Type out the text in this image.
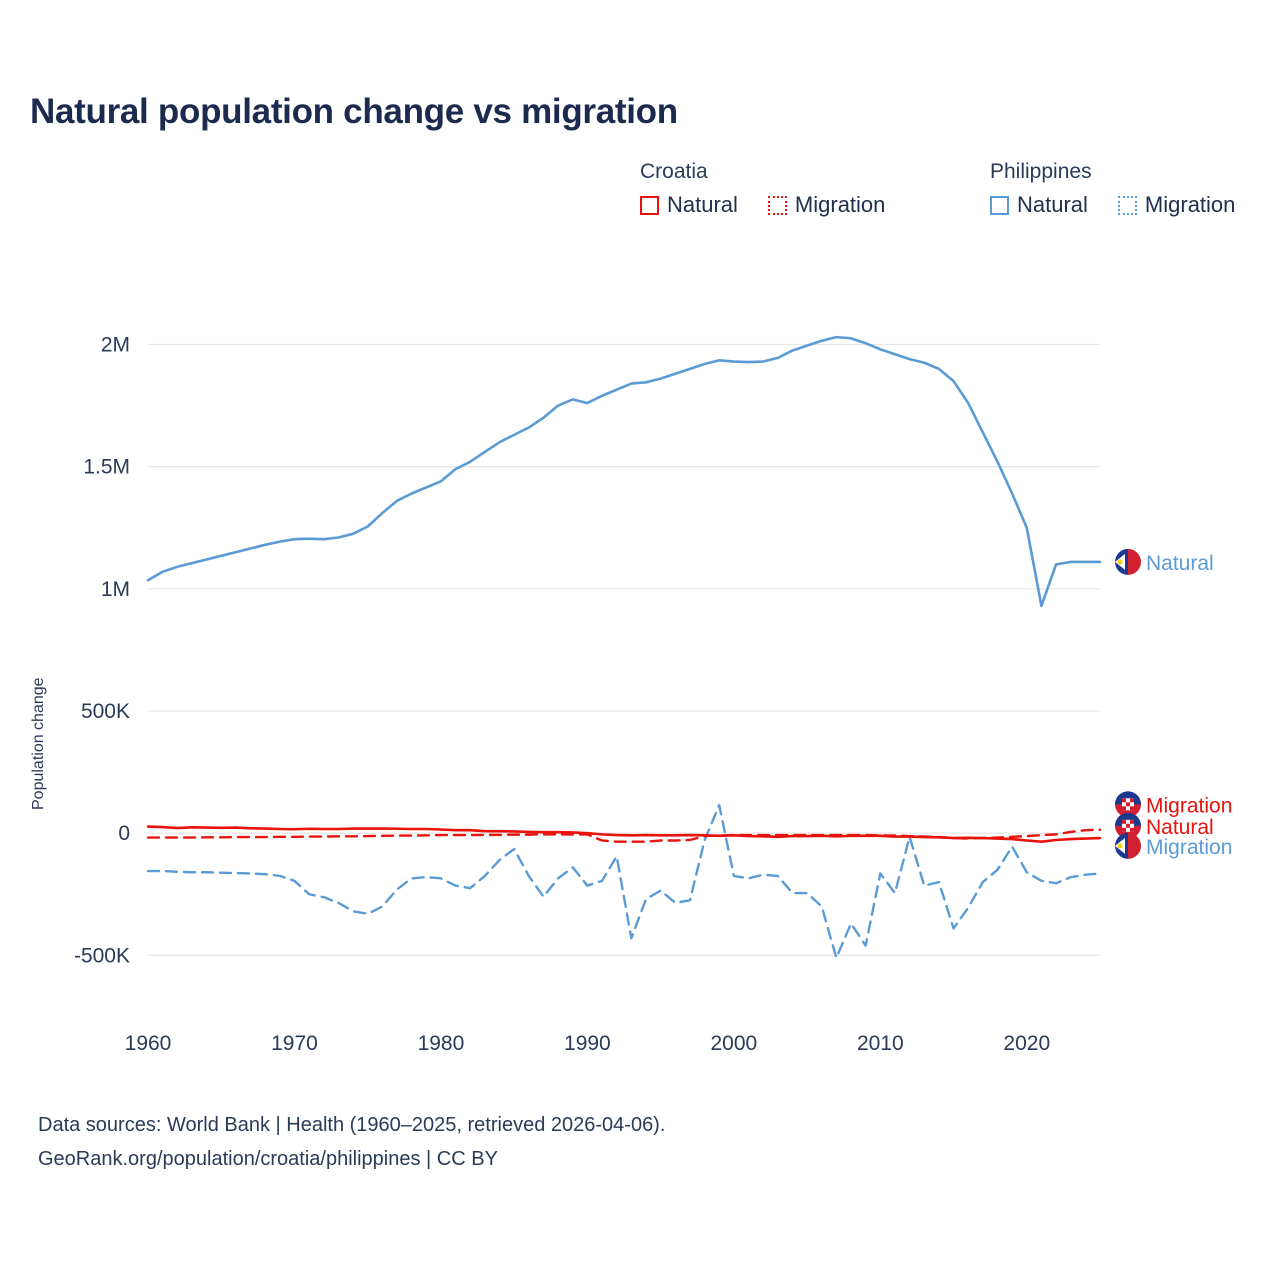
Natural population change vs migration
Croatia
Natural	Migration
Philippines
Natural	Migration
Population change
-500K
0
500K
1M
1.5M
2M
1960	1970	1980	1990	2000	2010	2020
Natural
Migration
Natural
Migration
Data sources: World Bank | Health (1960–2025, retrieved 2026-04-06).
GeoRank.org/population/croatia/philippines | CC BY
